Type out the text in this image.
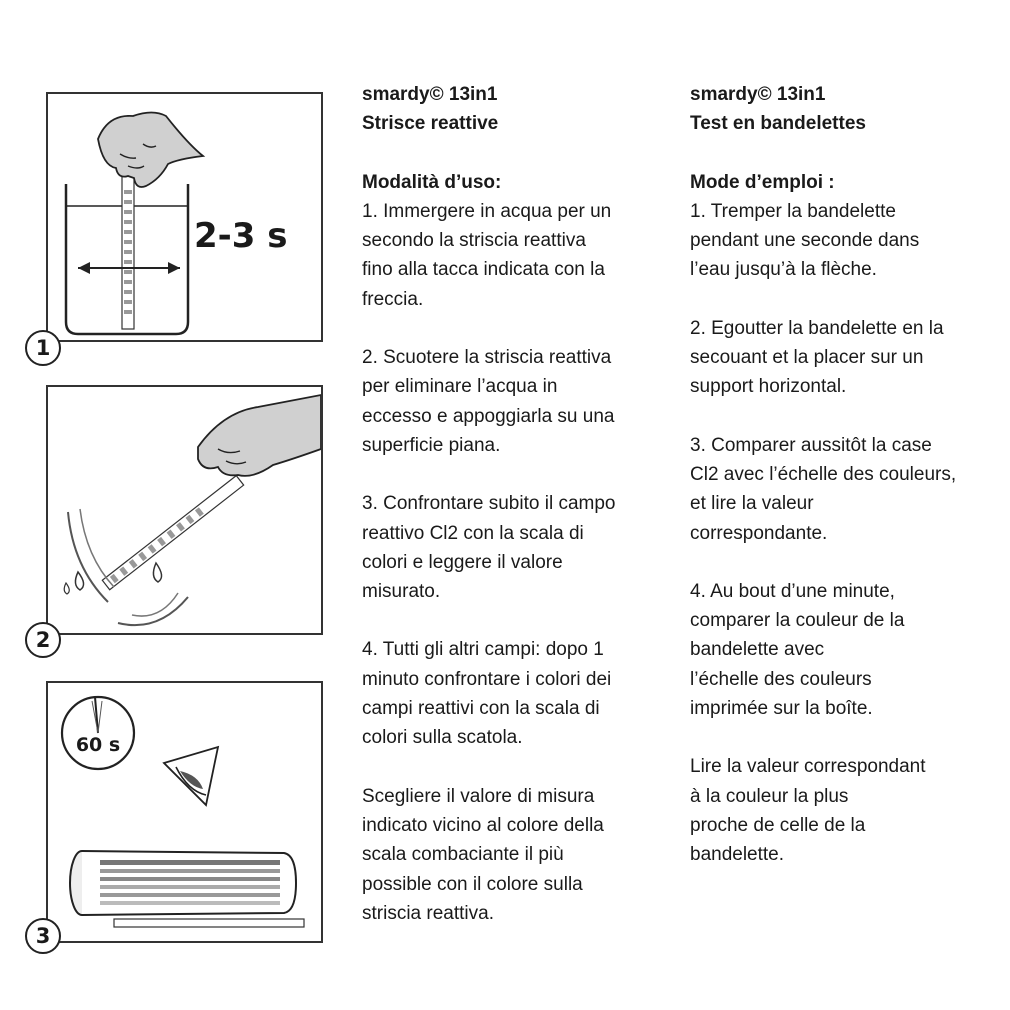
2-3 s
1
2
60 s
3

smardy© 13in1

Strisce reattive

Modalità d’uso:

1. Immergere in acqua per un

secondo la striscia reattiva

fino alla tacca indicata con la

freccia.

2. Scuotere la striscia reattiva

per eliminare l’acqua in

eccesso e appoggiarla su una

superficie piana.

3. Confrontare subito il campo

reattivo Cl2 con la scala di

colori e leggere il valore

misurato.

4. Tutti gli altri campi: dopo 1

minuto confrontare i colori dei

campi reattivi con la scala di

colori sulla scatola.

Scegliere il valore di misura

indicato vicino al colore della

scala combaciante il più

possible con il colore sulla

striscia reattiva.

smardy© 13in1

Test en bandelettes

Mode d’emploi :

1. Tremper la bandelette

pendant une seconde dans

l’eau jusqu’à la flèche.

2. Egoutter la bandelette en la

secouant et la placer sur un

support horizontal.

3. Comparer aussitôt la case

Cl2 avec l’échelle des couleurs,

et lire la valeur

correspondante.

4. Au bout d’une minute,

comparer la couleur de la

bandelette avec

l’échelle des couleurs

imprimée sur la boîte.

Lire la valeur correspondant

à la couleur la plus

proche de celle de la

bandelette.
